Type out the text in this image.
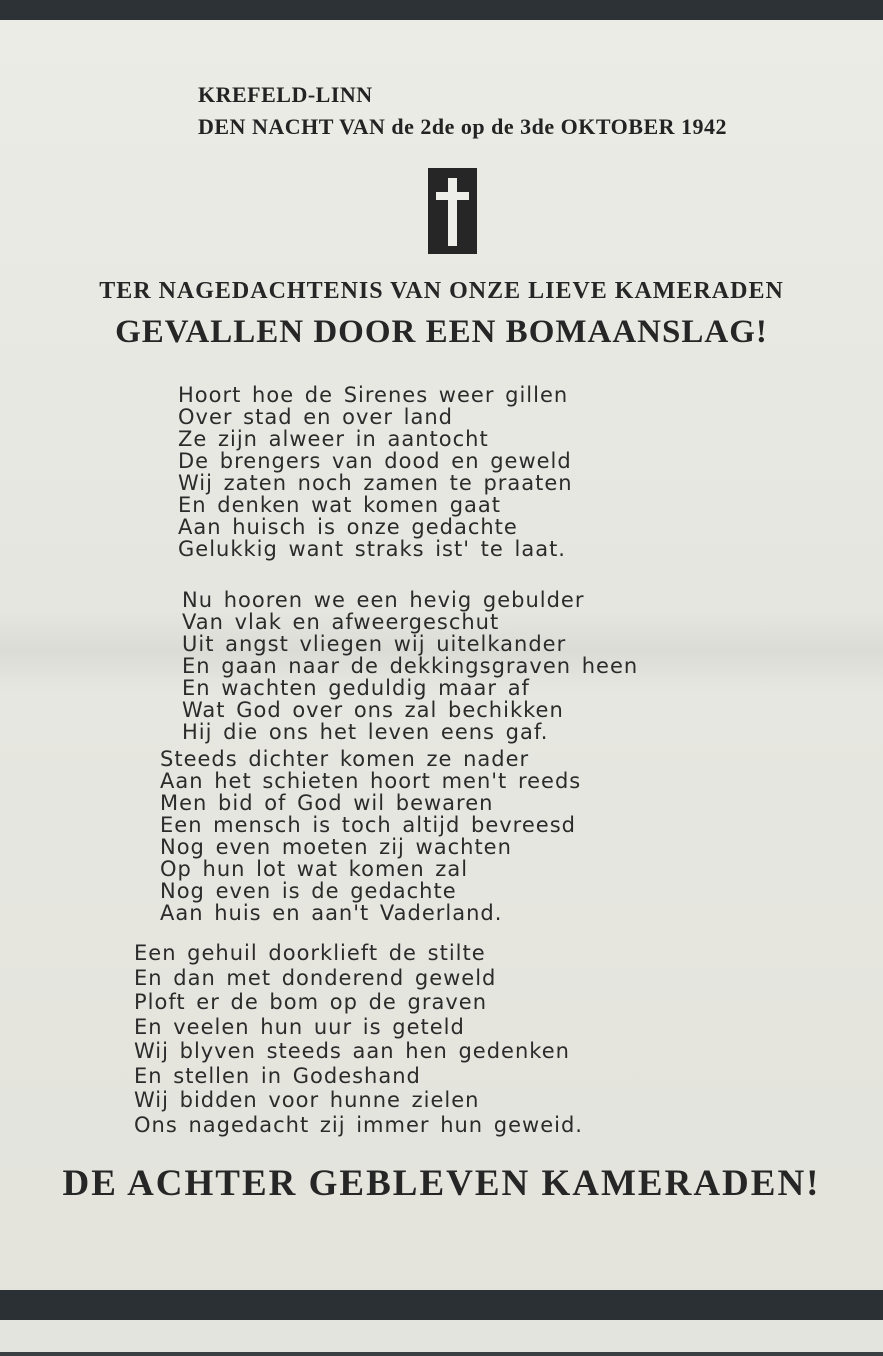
KREFELD-LINN
DEN NACHT VAN de 2de op de 3de OKTOBER 1942
TER NAGEDACHTENIS VAN ONZE LIEVE KAMERADEN
GEVALLEN DOOR EEN BOMAANSLAG!
Hoort hoe de Sirenes weer gillen
Over stad en over land
Ze zijn alweer in aantocht
De brengers van dood en geweld
Wij zaten noch zamen te praaten
En denken wat komen gaat
Aan huisch is onze gedachte
Gelukkig want straks ist' te laat.
Nu hooren we een hevig gebulder
Van vlak en afweergeschut
Uit angst vliegen wij uitelkander
En gaan naar de dekkingsgraven heen
En wachten geduldig maar af
Wat God over ons zal bechikken
Hij die ons het leven eens gaf.
Steeds dichter komen ze nader
Aan het schieten hoort men't reeds
Men bid of God wil bewaren
Een mensch is toch altijd bevreesd
Nog even moeten zij wachten
Op hun lot wat komen zal
Nog even is de gedachte
Aan huis en aan't Vaderland.
Een gehuil doorklieft de stilte
En dan met donderend geweld
Ploft er de bom op de graven
En veelen hun uur is geteld
Wij blyven steeds aan hen gedenken
En stellen in Godeshand
Wij bidden voor hunne zielen
Ons nagedacht zij immer hun geweid.
DE ACHTER GEBLEVEN KAMERADEN!
